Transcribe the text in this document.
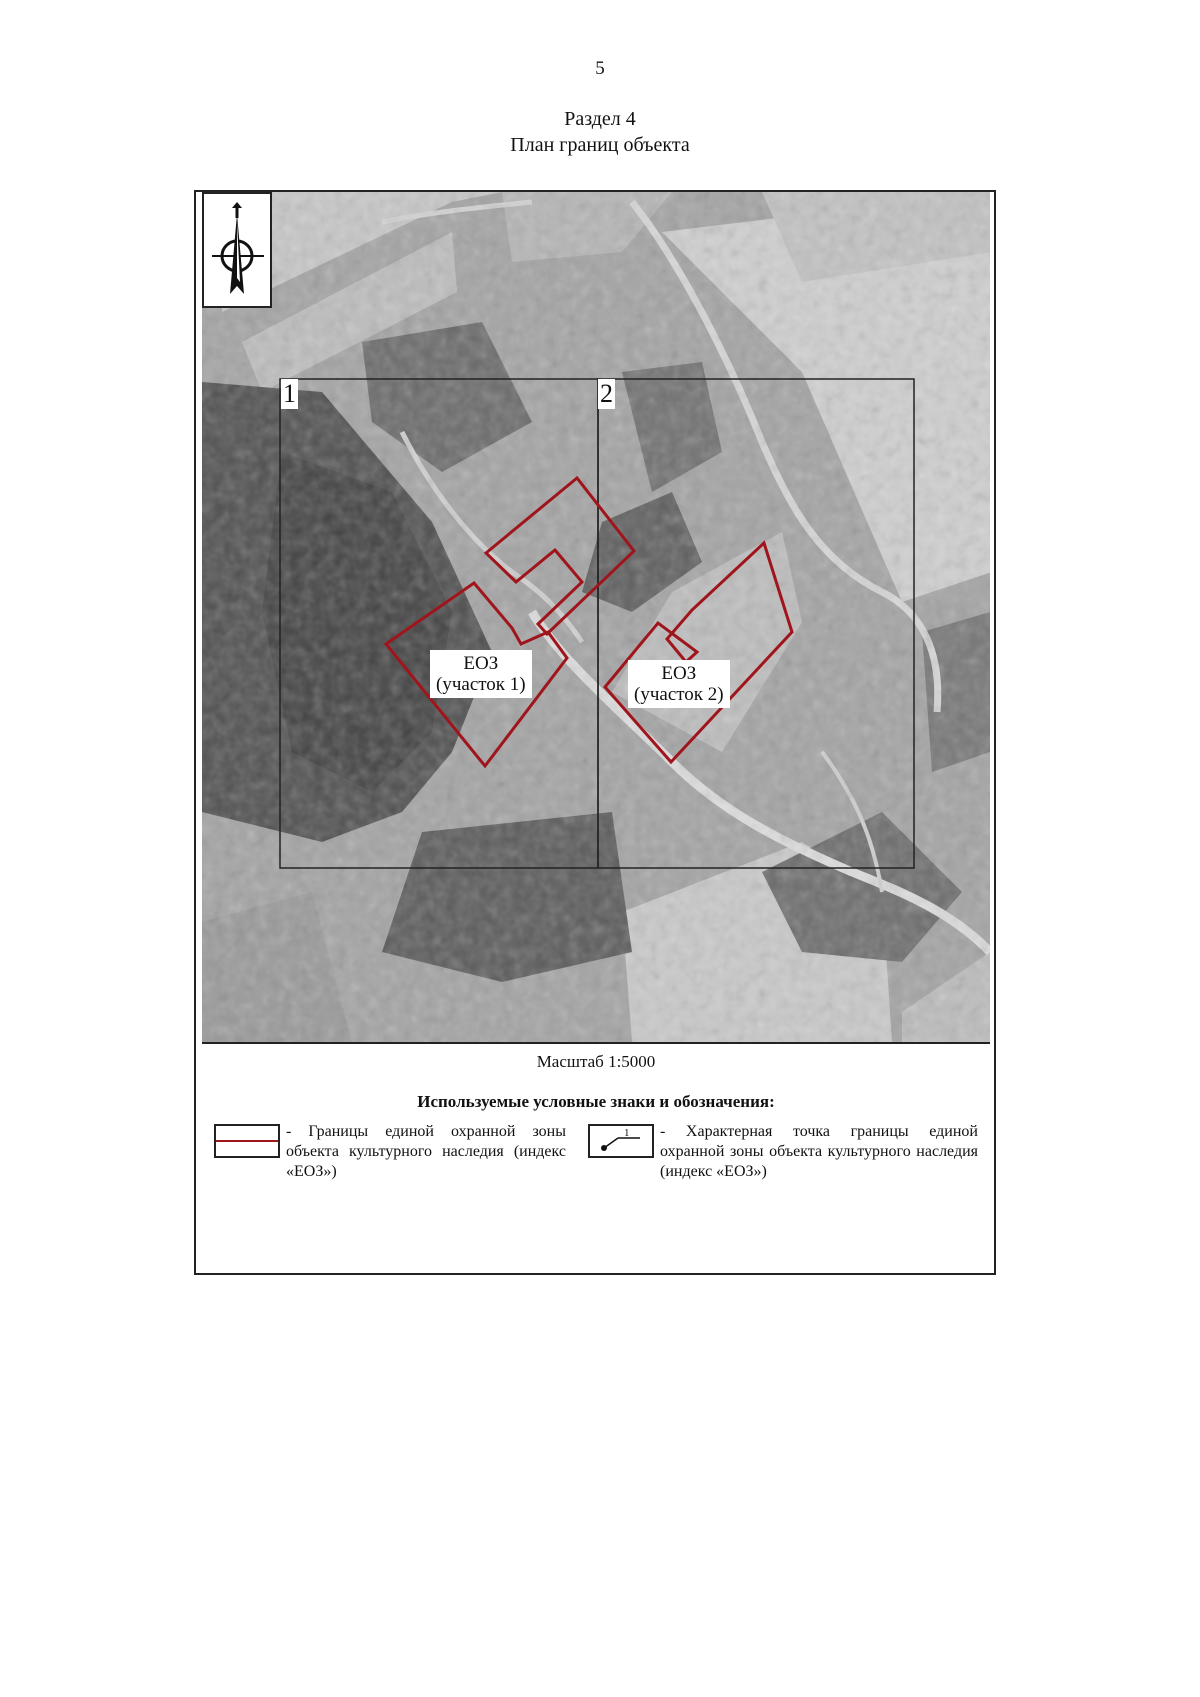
5
Раздел 4
План границ объекта
1	2
ЕОЗ
(участок 1)
ЕОЗ
(участок 2)
Масштаб 1:5000
Используемые условные знаки и обозначения:
- Границы единой охранной зоны объекта культурного наследия (индекс «ЕОЗ»)
1 - Характерная точка границы единой охранной зоны объекта культурного наследия (индекс «ЕОЗ»)
